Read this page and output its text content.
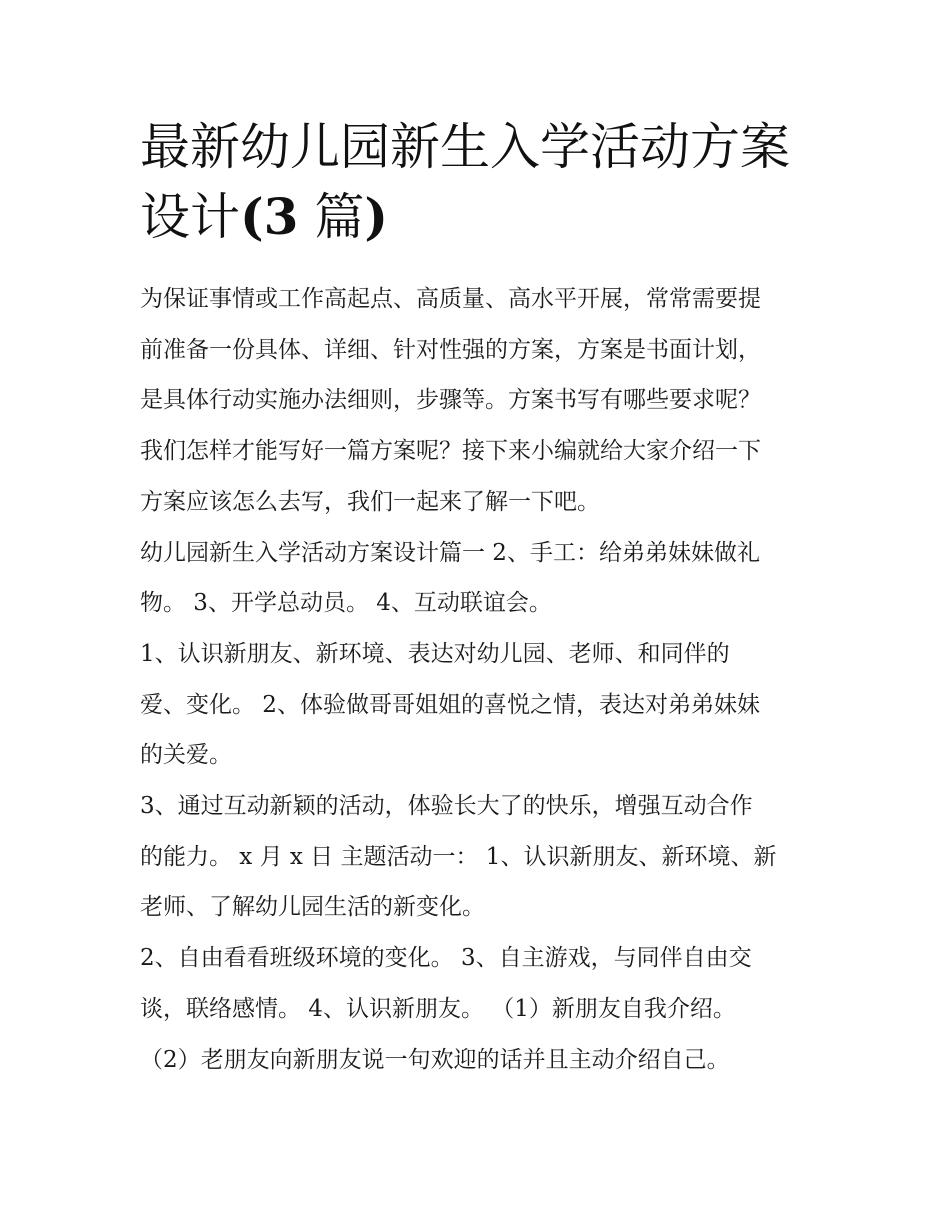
最新幼儿园新生入学活动方案
设计(3 篇)
为保证事情或工作高起点、高质量、高水平开展，常常需要提
前准备一份具体、详细、针对性强的方案，方案是书面计划，
是具体行动实施办法细则，步骤等。方案书写有哪些要求呢？
我们怎样才能写好一篇方案呢？接下来小编就给大家介绍一下
方案应该怎么去写，我们一起来了解一下吧。
幼儿园新生入学活动方案设计篇一 2、手工：给弟弟妹妹做礼
物。 3、开学总动员。 4、互动联谊会。
1、认识新朋友、新环境、表达对幼儿园、老师、和同伴的
爱、变化。 2、体验做哥哥姐姐的喜悦之情，表达对弟弟妹妹
的关爱。
3、通过互动新颖的活动，体验长大了的快乐，增强互动合作
的能力。 x 月 x 日 主题活动一： 1、认识新朋友、新环境、新
老师、了解幼儿园生活的新变化。
2、自由看看班级环境的变化。 3、自主游戏，与同伴自由交
谈，联络感情。 4、认识新朋友。 （1）新朋友自我介绍。
（2）老朋友向新朋友说一句欢迎的话并且主动介绍自己。
